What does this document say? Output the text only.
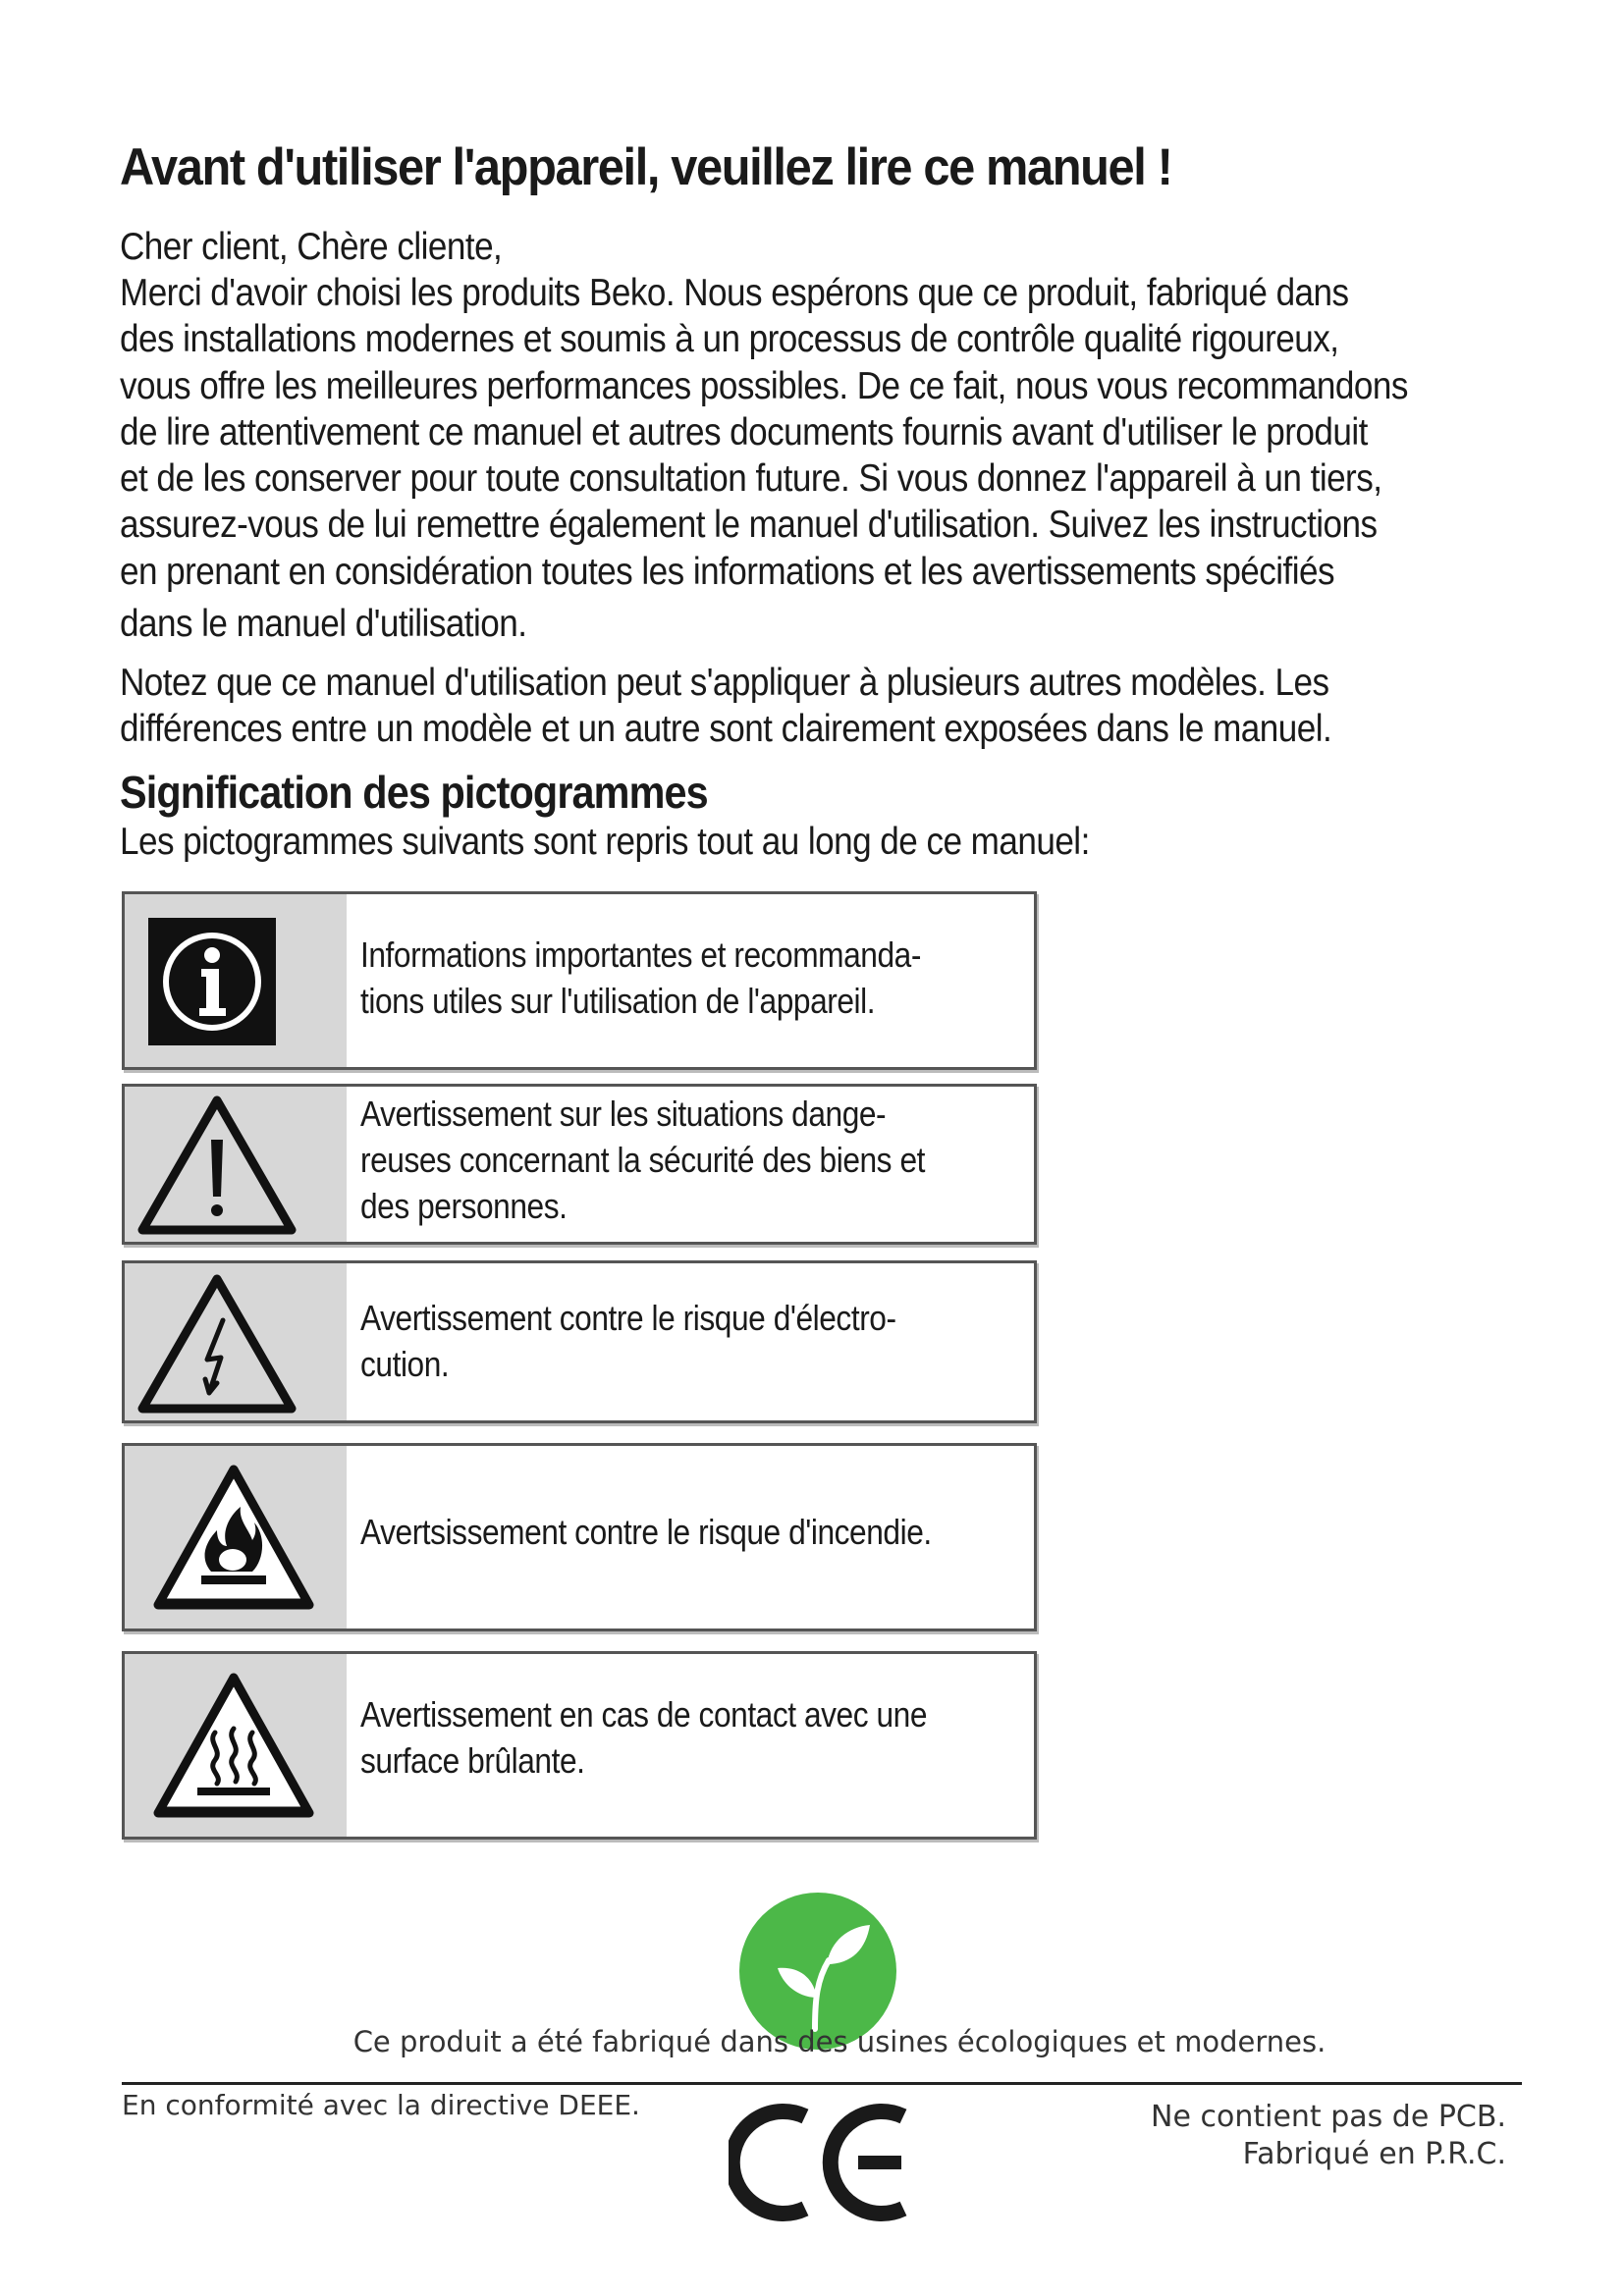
Avant d'utiliser l'appareil, veuillez lire ce manuel !
Cher client, Chère cliente,
Merci d'avoir choisi les produits Beko. Nous espérons que ce produit, fabriqué dans
des installations modernes et soumis à un processus de contrôle qualité rigoureux,
vous offre les meilleures performances possibles. De ce fait, nous vous recommandons
de lire attentivement ce manuel et autres documents fournis avant d'utiliser le produit
et de les conserver pour toute consultation future. Si vous donnez l'appareil à un tiers,
assurez-vous de lui remettre également le manuel d'utilisation. Suivez les instructions
en prenant en considération toutes les informations et les avertissements spécifiés
dans le manuel d'utilisation.
Notez que ce manuel d'utilisation peut s'appliquer à plusieurs autres modèles. Les
différences entre un modèle et un autre sont clairement exposées dans le manuel.
Signification des pictogrammes
Les pictogrammes suivants sont repris tout au long de ce manuel:
Informations importantes et recommanda-
tions utiles sur l'utilisation de l'appareil.
Avertissement sur les situations dange-
reuses concernant la sécurité des biens et
des personnes.
Avertissement contre le risque d'électro-
cution.
Avertsissement contre le risque d'incendie.
Avertissement en cas de contact avec une
surface brûlante.
Ce produit a été fabriqué dans des usines écologiques et modernes.
En conformité avec la directive DEEE.	Ne contient pas de PCB.
Fabriqué en P.R.C.
